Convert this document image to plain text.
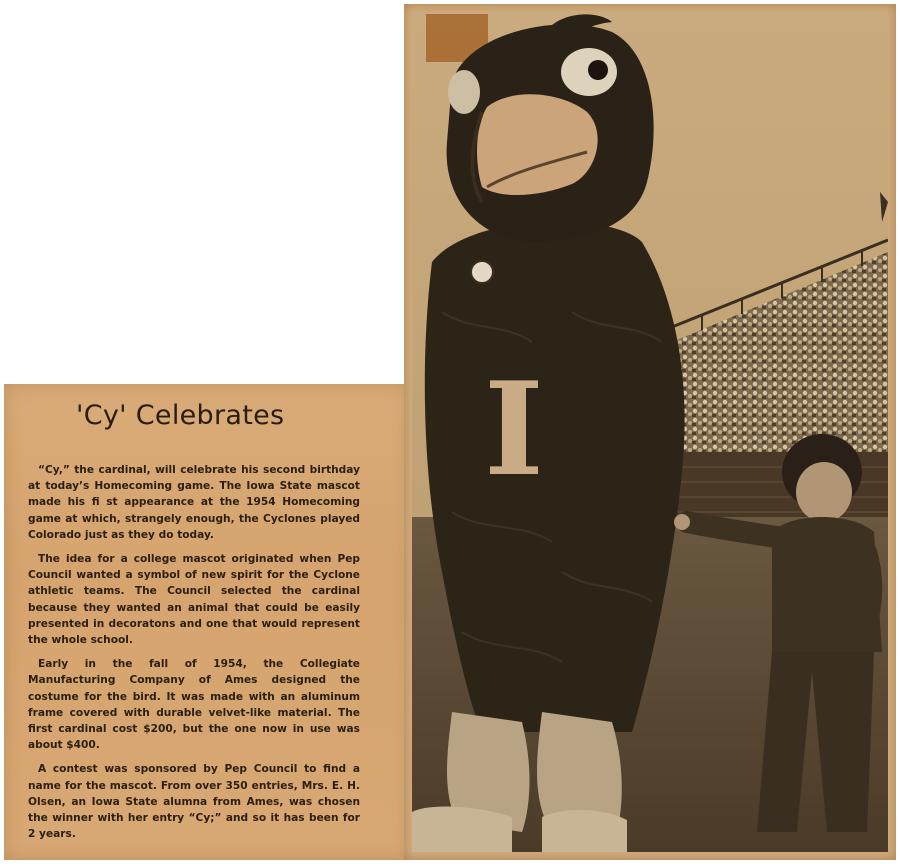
'Cy' Celebrates

“Cy,” the cardinal, will celebrate his second birthday at today’s Homecoming game. The Iowa State mascot made his fi st appearance at the 1954 Homecoming game at which, strangely enough, the Cyclones played Colorado just as they do today.

The idea for a college mascot originated when Pep Council wanted a symbol of new spirit for the Cyclone athletic teams. The Council selected the cardinal because they wanted an animal that could be easily presented in decoratons and one that would represent the whole school.

Early in the fall of 1954, the Collegiate Manufacturing Company of Ames designed the costume for the bird. It was made with an aluminum frame covered with durable velvet-like material. The first cardinal cost $200, but the one now in use was about $400.

A contest was sponsored by Pep Council to find a name for the mascot. From over 350 entries, Mrs. E. H. Olsen, an Iowa State alumna from Ames, was chosen the winner with her entry “Cy;” and so it has been for 2 years.

I
